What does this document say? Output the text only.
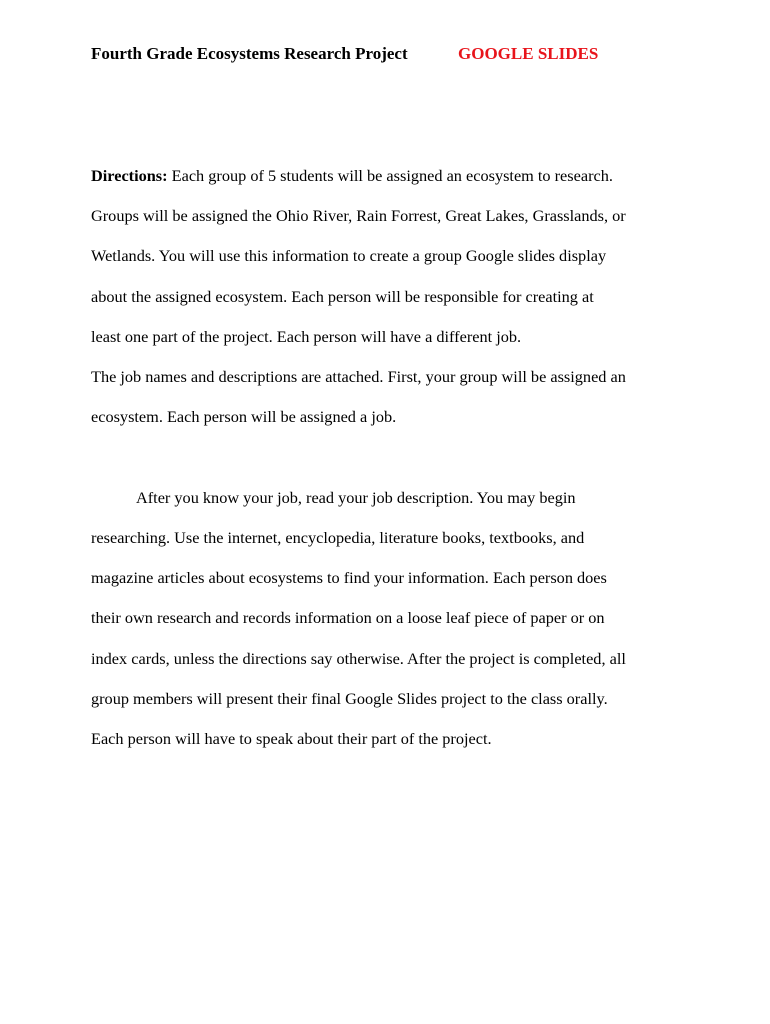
Fourth Grade Ecosystems Research Project	GOOGLE SLIDES
Directions: Each group of 5 students will be assigned an ecosystem to research.
Groups will be assigned the Ohio River, Rain Forrest, Great Lakes, Grasslands, or
Wetlands. You will use this information to create a group Google slides display
about the assigned ecosystem. Each person will be responsible for creating at
least one part of the project. Each person will have a different job.
The job names and descriptions are attached. First, your group will be assigned an
ecosystem. Each person will be assigned a job.
After you know your job, read your job description. You may begin
researching. Use the internet, encyclopedia, literature books, textbooks, and
magazine articles about ecosystems to find your information. Each person does
their own research and records information on a loose leaf piece of paper or on
index cards, unless the directions say otherwise. After the project is completed, all
group members will present their final Google Slides project to the class orally.
Each person will have to speak about their part of the project.
